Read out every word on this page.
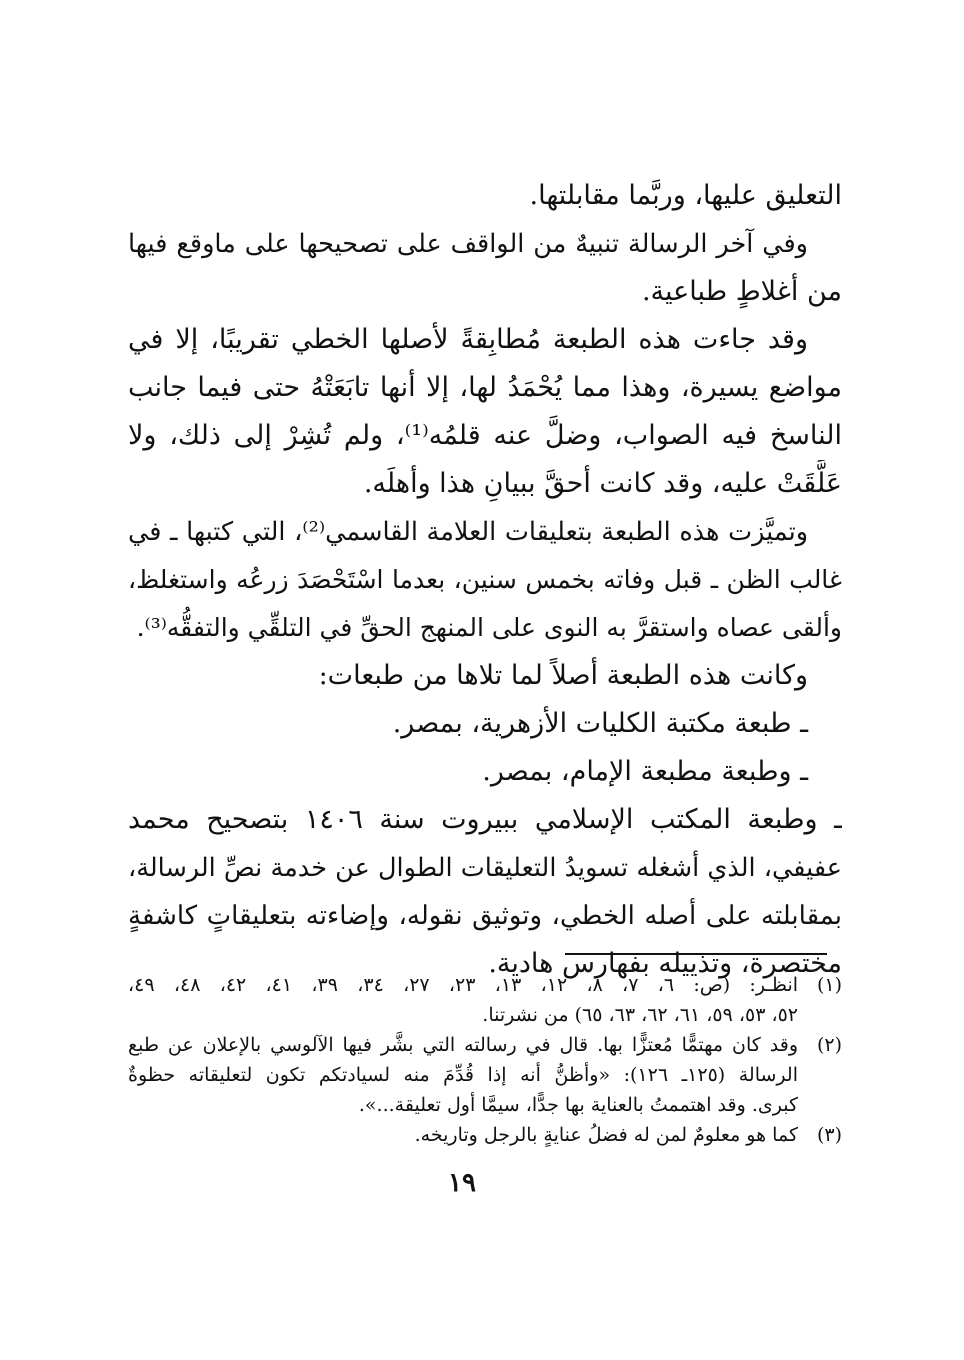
التعليق عليها، وربَّما مقابلتها.
وفي آخر الرسالة تنبيهٌ من الواقف على تصحيحها على ماوقع فيها
من أغلاطٍ طباعية.
وقد جاءت هذه الطبعة مُطابِقةً لأصلها الخطي تقريبًا، إلا في
مواضع يسيرة، وهذا مما يُحْمَدُ لها، إلا أنها تابَعَتْهُ حتى فيما جانب
الناسخ فيه الصواب، وضلَّ عنه قلمُه⁽¹⁾، ولم تُشِرْ إلى ذلك، ولا
عَلَّقَتْ عليه، وقد كانت أحقَّ ببيانِ هذا وأهلَه.
وتميَّزت هذه الطبعة بتعليقات العلامة القاسمي⁽²⁾، التي كتبها ـ في
غالب الظن ـ قبل وفاته بخمس سنين، بعدما اسْتَحْصَدَ زرعُه واستغلظ،
وألقى عصاه واستقرَّ به النوى على المنهج الحقِّ في التلقِّي والتفقُّه⁽³⁾.
وكانت هذه الطبعة أصلاً لما تلاها من طبعات:
ـ طبعة مكتبة الكليات الأزهرية، بمصر.
ـ وطبعة مطبعة الإمام، بمصر.
ـ وطبعة المكتب الإسلامي ببيروت سنة ١٤٠٦ بتصحيح محمد
عفيفي، الذي أشغله تسويدُ التعليقات الطوال عن خدمة نصِّ الرسالة،
بمقابلته على أصله الخطي، وتوثيق نقوله، وإضاءته بتعليقاتٍ كاشفةٍ
مختصرة، وتذييله بفهارس هادية.
(١)انظـر: (ص: ٦، ٧، ٨، ١٢، ١٣، ٢٣، ٢٧، ٣٤، ٣٩، ٤١، ٤٢، ٤٨، ٤٩،
٥٢، ٥٣، ٥٩، ٦١، ٦٢، ٦٣، ٦٥) من نشرتنا.
(٢)وقد كان مهتمًّا مُعتزًّا بها. قال في رسالته التي بشَّر فيها الآلوسي بالإعلان عن طبع
الرسالة (١٢٥ـ ١٢٦): «وأظنُّ أنه إذا قُدِّمَ منه لسيادتكم تكون لتعليقاته حظوةٌ
كبرى. وقد اهتممتُ بالعناية بها جدًّا، سيمَّا أول تعليقة...».
(٣)كما هو معلومٌ لمن له فضلُ عنايةٍ بالرجل وتاريخه.
١٩
